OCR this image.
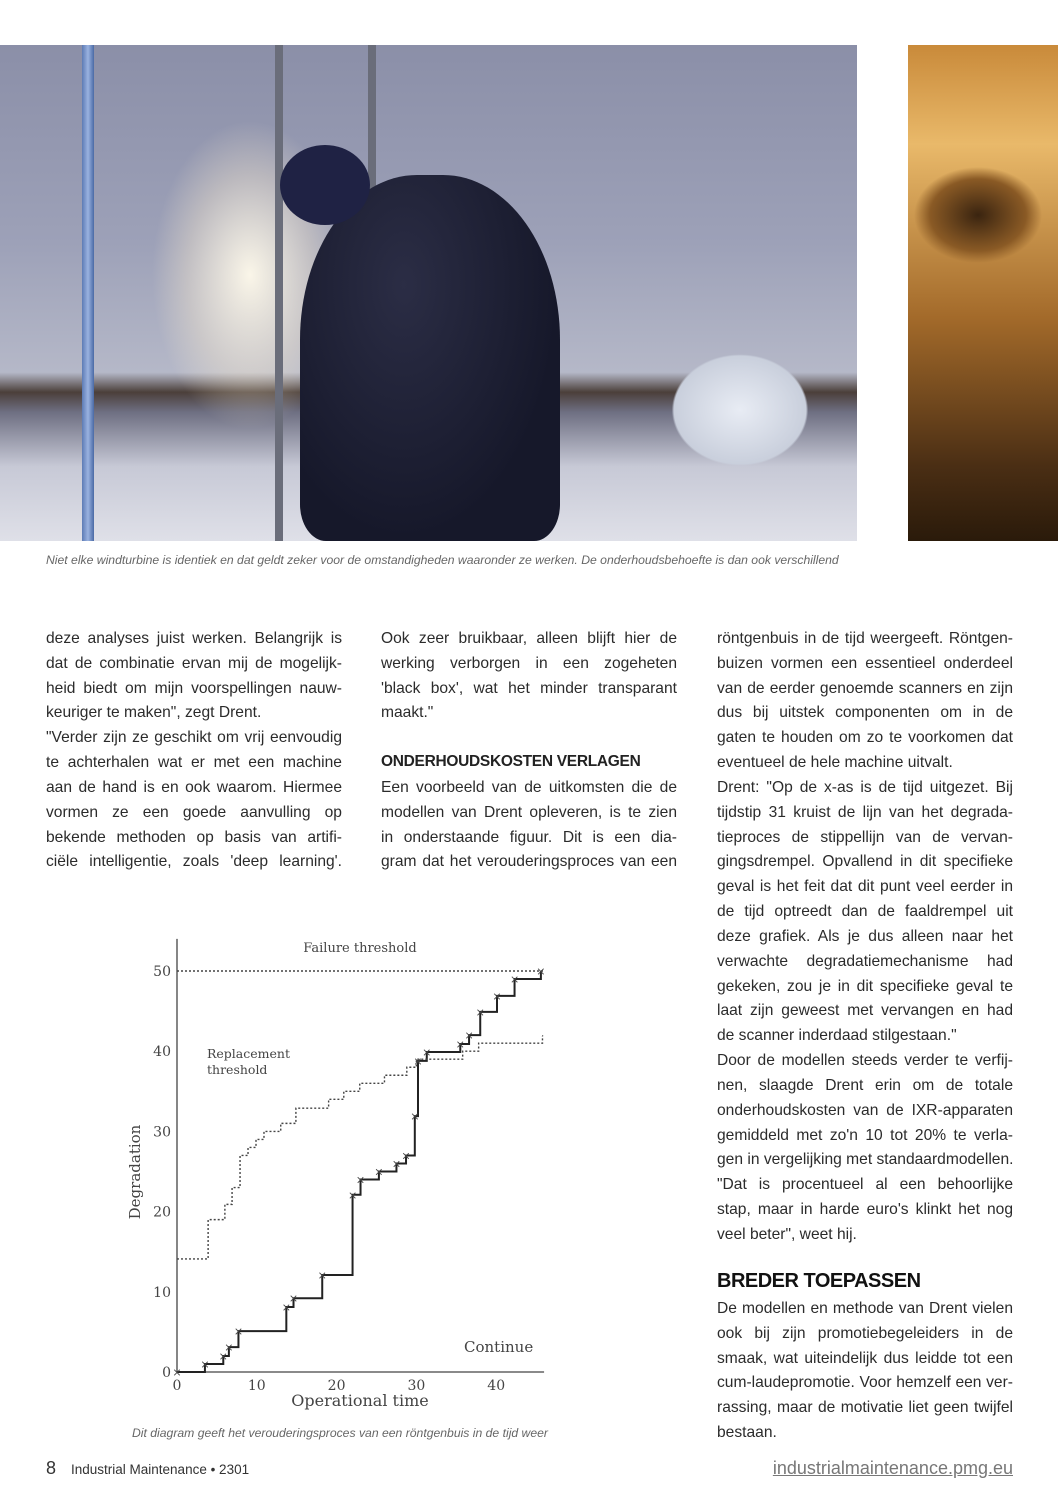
Niet elke windturbine is identiek en dat geldt zeker voor de omstandigheden waaronder ze werken. De onderhoudsbehoefte is dan ook verschillend
deze analyses juist werken. Belangrijk is
dat de combinatie ervan mij de mogelijk-
heid biedt om mijn voorspellingen nauw-
keuriger te maken", zegt Drent.
"Verder zijn ze geschikt om vrij eenvoudig
te achterhalen wat er met een machine
aan de hand is en ook waarom. Hiermee
vormen ze een goede aanvulling op
bekende methoden op basis van artifi-
ciële intelligentie, zoals 'deep learning'.
Ook zeer bruikbaar, alleen blijft hier de
werking verborgen in een zogeheten
'black box', wat het minder transparant
maakt."
Een voorbeeld van de uitkomsten die de
modellen van Drent opleveren, is te zien
in onderstaande figuur. Dit is een dia-
gram dat het verouderingsproces van een
ONDERHOUDSKOSTEN VERLAGEN
röntgenbuis in de tijd weergeeft. Röntgen-
buizen vormen een essentieel onderdeel
van de eerder genoemde scanners en zijn
dus bij uitstek componenten om in de
gaten te houden om zo te voorkomen dat
eventueel de hele machine uitvalt.
Drent: "Op de x-as is de tijd uitgezet. Bij
tijdstip 31 kruist de lijn van het degrada-
tieproces de stippellijn van de vervan-
gingsdrempel. Opvallend in dit specifieke
geval is het feit dat dit punt veel eerder in
de tijd optreedt dan de faaldrempel uit
deze grafiek. Als je dus alleen naar het
verwachte degradatiemechanisme had
gekeken, zou je in dit specifieke geval te
laat zijn geweest met vervangen en had
de scanner inderdaad stilgestaan."
Door de modellen steeds verder te verfij-
nen, slaagde Drent erin om de totale
onderhoudskosten van de IXR-apparaten
gemiddeld met zo'n 10 tot 20% te verla-
gen in vergelijking met standaardmodellen.
"Dat is procentueel al een behoorlijke
stap, maar in harde euro's klinkt het nog
veel beter", weet hij.
BREDER TOEPASSEN
De modellen en methode van Drent vielen
ook bij zijn promotiebegeleiders in de
smaak, wat uiteindelijk dus leidde tot een
cum-laudepromotie. Voor hemzelf een ver-
rassing, maar de motivatie liet geen twijfel
bestaan.
0	10	20	30	40
0
10
20
30
40
50
Failure threshold
Replacement
threshold
Continue
Operational time
Degradation
×
×
×
×
×
×
×
×
×
×
×
×
×
×
×
×
×
×
×
×
×
×
Dit diagram geeft het verouderingsproces van een röntgenbuis in de tijd weer
8 Industrial Maintenance • 2301	industrialmaintenance.pmg.eu
